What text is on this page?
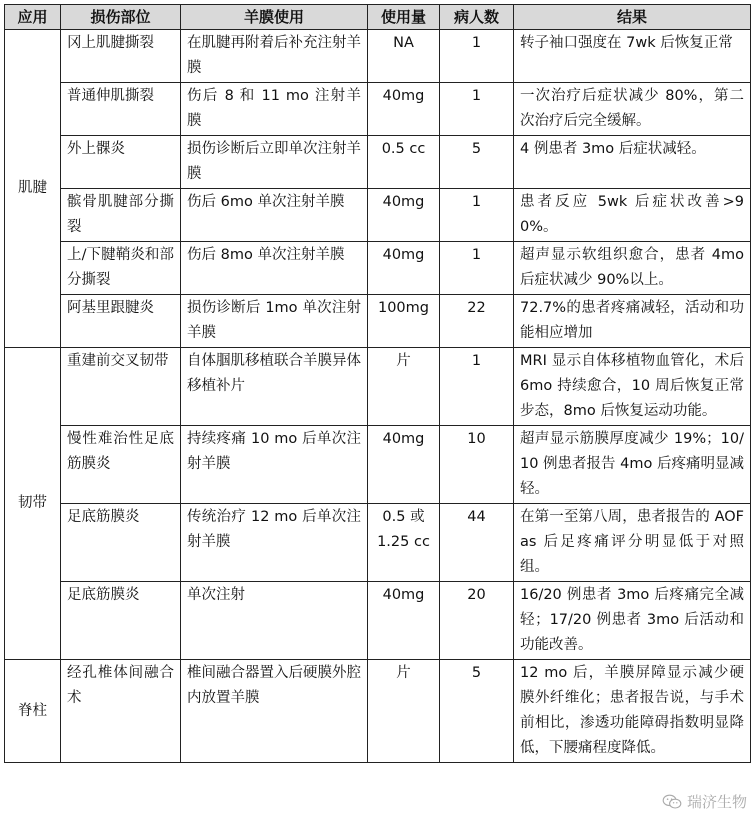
应用	损伤部位	羊膜使用	使用量	病人数	结果
肌腱	冈上肌腱撕裂	在肌腱再附着后补充注射羊膜	NA	1	转子袖口强度在 7wk 后恢复正常
	普通伸肌撕裂	伤后 8 和 11 mo 注射羊膜	40mg	1	一次治疗后症状减少 80%，第二次治疗后完全缓解。
	外上髁炎	损伤诊断后立即单次注射羊膜	0.5 cc	5	4 例患者 3mo 后症状减轻。
	髌骨肌腱部分撕裂	伤后 6mo 单次注射羊膜	40mg	1	患者反应 5wk 后症状改善>90%。
	上/下腱鞘炎和部分撕裂	伤后 8mo 单次注射羊膜	40mg	1	超声显示软组织愈合，患者 4mo 后症状减少 90%以上。
	阿基里跟腱炎	损伤诊断后 1mo 单次注射羊膜	100mg	22	72.7%的患者疼痛减轻，活动和功能相应增加
韧带	重建前交叉韧带	自体腘肌移植联合羊膜异体移植补片	片	1	MRI 显示自体移植物血管化，术后 6mo 持续愈合，10 周后恢复正常步态，8mo 后恢复运动功能。
	慢性难治性足底筋膜炎	持续疼痛 10 mo 后单次注射羊膜	40mg	10	超声显示筋膜厚度减少 19%；10/10 例患者报告 4mo 后疼痛明显减轻。
	足底筋膜炎	传统治疗 12 mo 后单次注射羊膜	0.5 或 1.25 cc	44	在第一至第八周，患者报告的 AOFas 后足疼痛评分明显低于对照组。
	足底筋膜炎	单次注射	40mg	20	16/20 例患者 3mo 后疼痛完全减轻；17/20 例患者 3mo 后活动和功能改善。
脊柱	经孔椎体间融合术	椎间融合器置入后硬膜外腔内放置羊膜	片	5	12 mo 后，羊膜屏障显示减少硬膜外纤维化；患者报告说，与手术前相比，渗透功能障碍指数明显降低，下腰痛程度降低。
瑞济生物
